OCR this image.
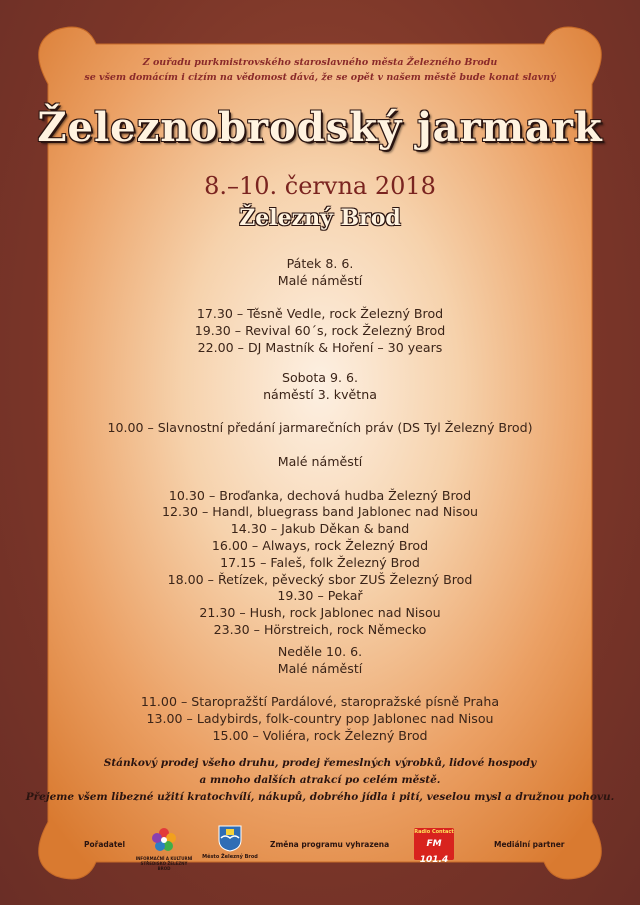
Z ouřadu purkmistrovského staroslavného města Železného Brodu
se všem domácím i cizím na vědomost dává, že se opět v našem městě bude konat slavný
Železnobrodský jarmark
8.–10. června 2018
Železný Brod
Pátek 8. 6.
Malé náměstí
17.30 – Těsně Vedle, rock Železný Brod
19.30 – Revival 60´s, rock Železný Brod
22.00 – DJ Mastník & Hoření – 30 years
Sobota 9. 6.
náměstí 3. května
10.00 – Slavnostní předání jarmarečních práv (DS Tyl Železný Brod)
Malé náměstí
10.30 – Broďanka, dechová hudba Železný Brod
12.30 – Handl, bluegrass band Jablonec nad Nisou
14.30 – Jakub Děkan & band
16.00 – Always, rock Železný Brod
17.15 – Faleš, folk Železný Brod
18.00 – Řetízek, pěvecký sbor ZUŠ Železný Brod
19.30 – Pekař
21.30 – Hush, rock Jablonec nad Nisou
23.30 – Hörstreich, rock Německo
Neděle 10. 6.
Malé náměstí
11.00 – Staropražští Pardálové, staropražské písně Praha
13.00 – Ladybirds, folk-country pop Jablonec nad Nisou
15.00 – Voliéra, rock Železný Brod
Stánkový prodej všeho druhu, prodej řemeslných výrobků, lidové hospody
a mnoho dalších atrakcí po celém městě.
Přejeme všem libezné užití kratochvílí, nákupů, dobrého jídla i pití, veselou mysl a družnou pohovu.
Pořadatel
INFORMAČNÍ A KULTURNÍ
STŘEDISKO ŽELEZNÝ BROD
Město Železný Brod
Změna programu vyhrazena
Radio Contact
FM 101.4
Mediální partner
